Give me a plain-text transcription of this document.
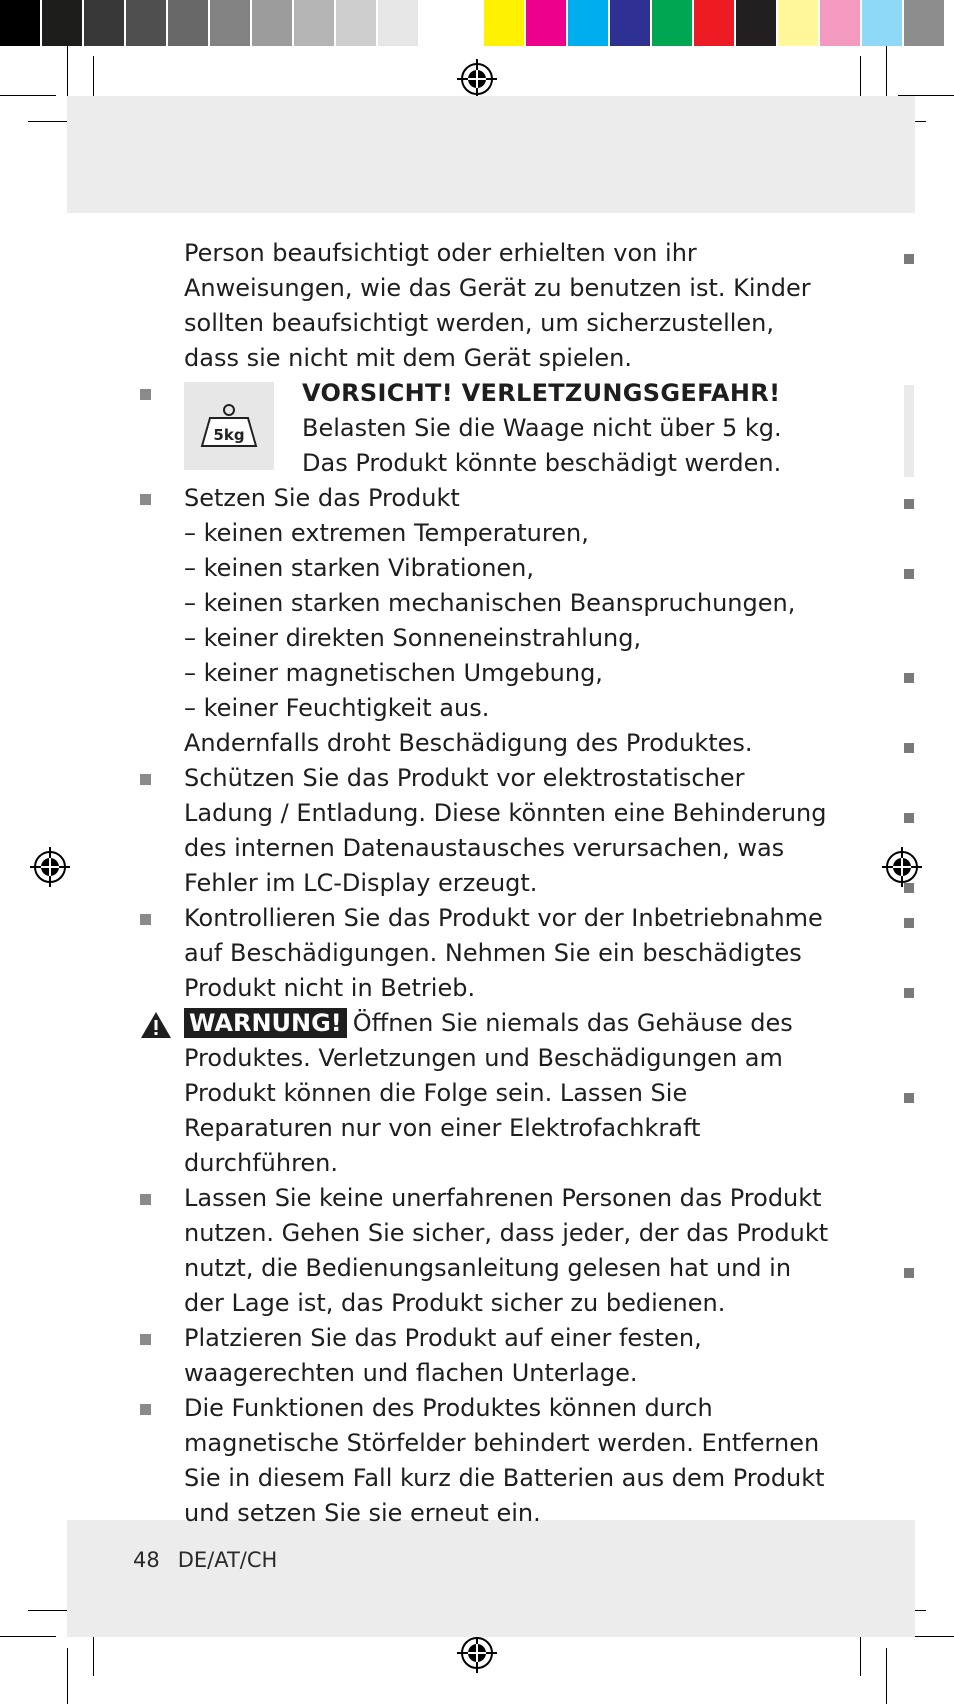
Person beaufsichtigt oder erhielten von ihr Anweisungen, wie das Gerät zu benutzen ist. Kinder sollten beaufsichtigt werden, um sicherzustellen, dass sie nicht mit dem Gerät spielen.

5kg
VORSICHT! VERLETZUNGSGEFAHR!
Belasten Sie die Waage nicht über 5 kg. Das Produkt könnte beschädigt werden.
Setzen Sie das Produkt
– keinen extremen Temperaturen,
– keinen starken Vibrationen,
– keinen starken mechanischen Beanspruchungen,
– keiner direkten Sonneneinstrahlung,
– keiner magnetischen Umgebung,
– keiner Feuchtigkeit aus.
Andernfalls droht Beschädigung des Produktes.
Schützen Sie das Produkt vor elektrostatischer Ladung / Entladung. Diese könnten eine Behinderung des internen Datenaustausches verursachen, was Fehler im LC-Display erzeugt.
Kontrollieren Sie das Produkt vor der Inbetriebnahme auf Beschädigungen. Nehmen Sie ein beschädigtes Produkt nicht in Betrieb.
WARNUNG! Öffnen Sie niemals das Gehäuse des Produktes. Verletzungen und Beschädigungen am Produkt können die Folge sein. Lassen Sie Reparaturen nur von einer Elektrofachkraft durchführen.
Lassen Sie keine unerfahrenen Personen das Produkt nutzen. Gehen Sie sicher, dass jeder, der das Produkt nutzt, die Bedienungsanleitung gelesen hat und in der Lage ist, das Produkt sicher zu bedienen.
Platzieren Sie das Produkt auf einer festen, waagerechten und flachen Unterlage.
Die Funktionen des Produktes können durch magnetische Störfelder behindert werden. Entfernen Sie in diesem Fall kurz die Batterien aus dem Produkt und setzen Sie sie erneut ein.
48 DE/AT/CH
